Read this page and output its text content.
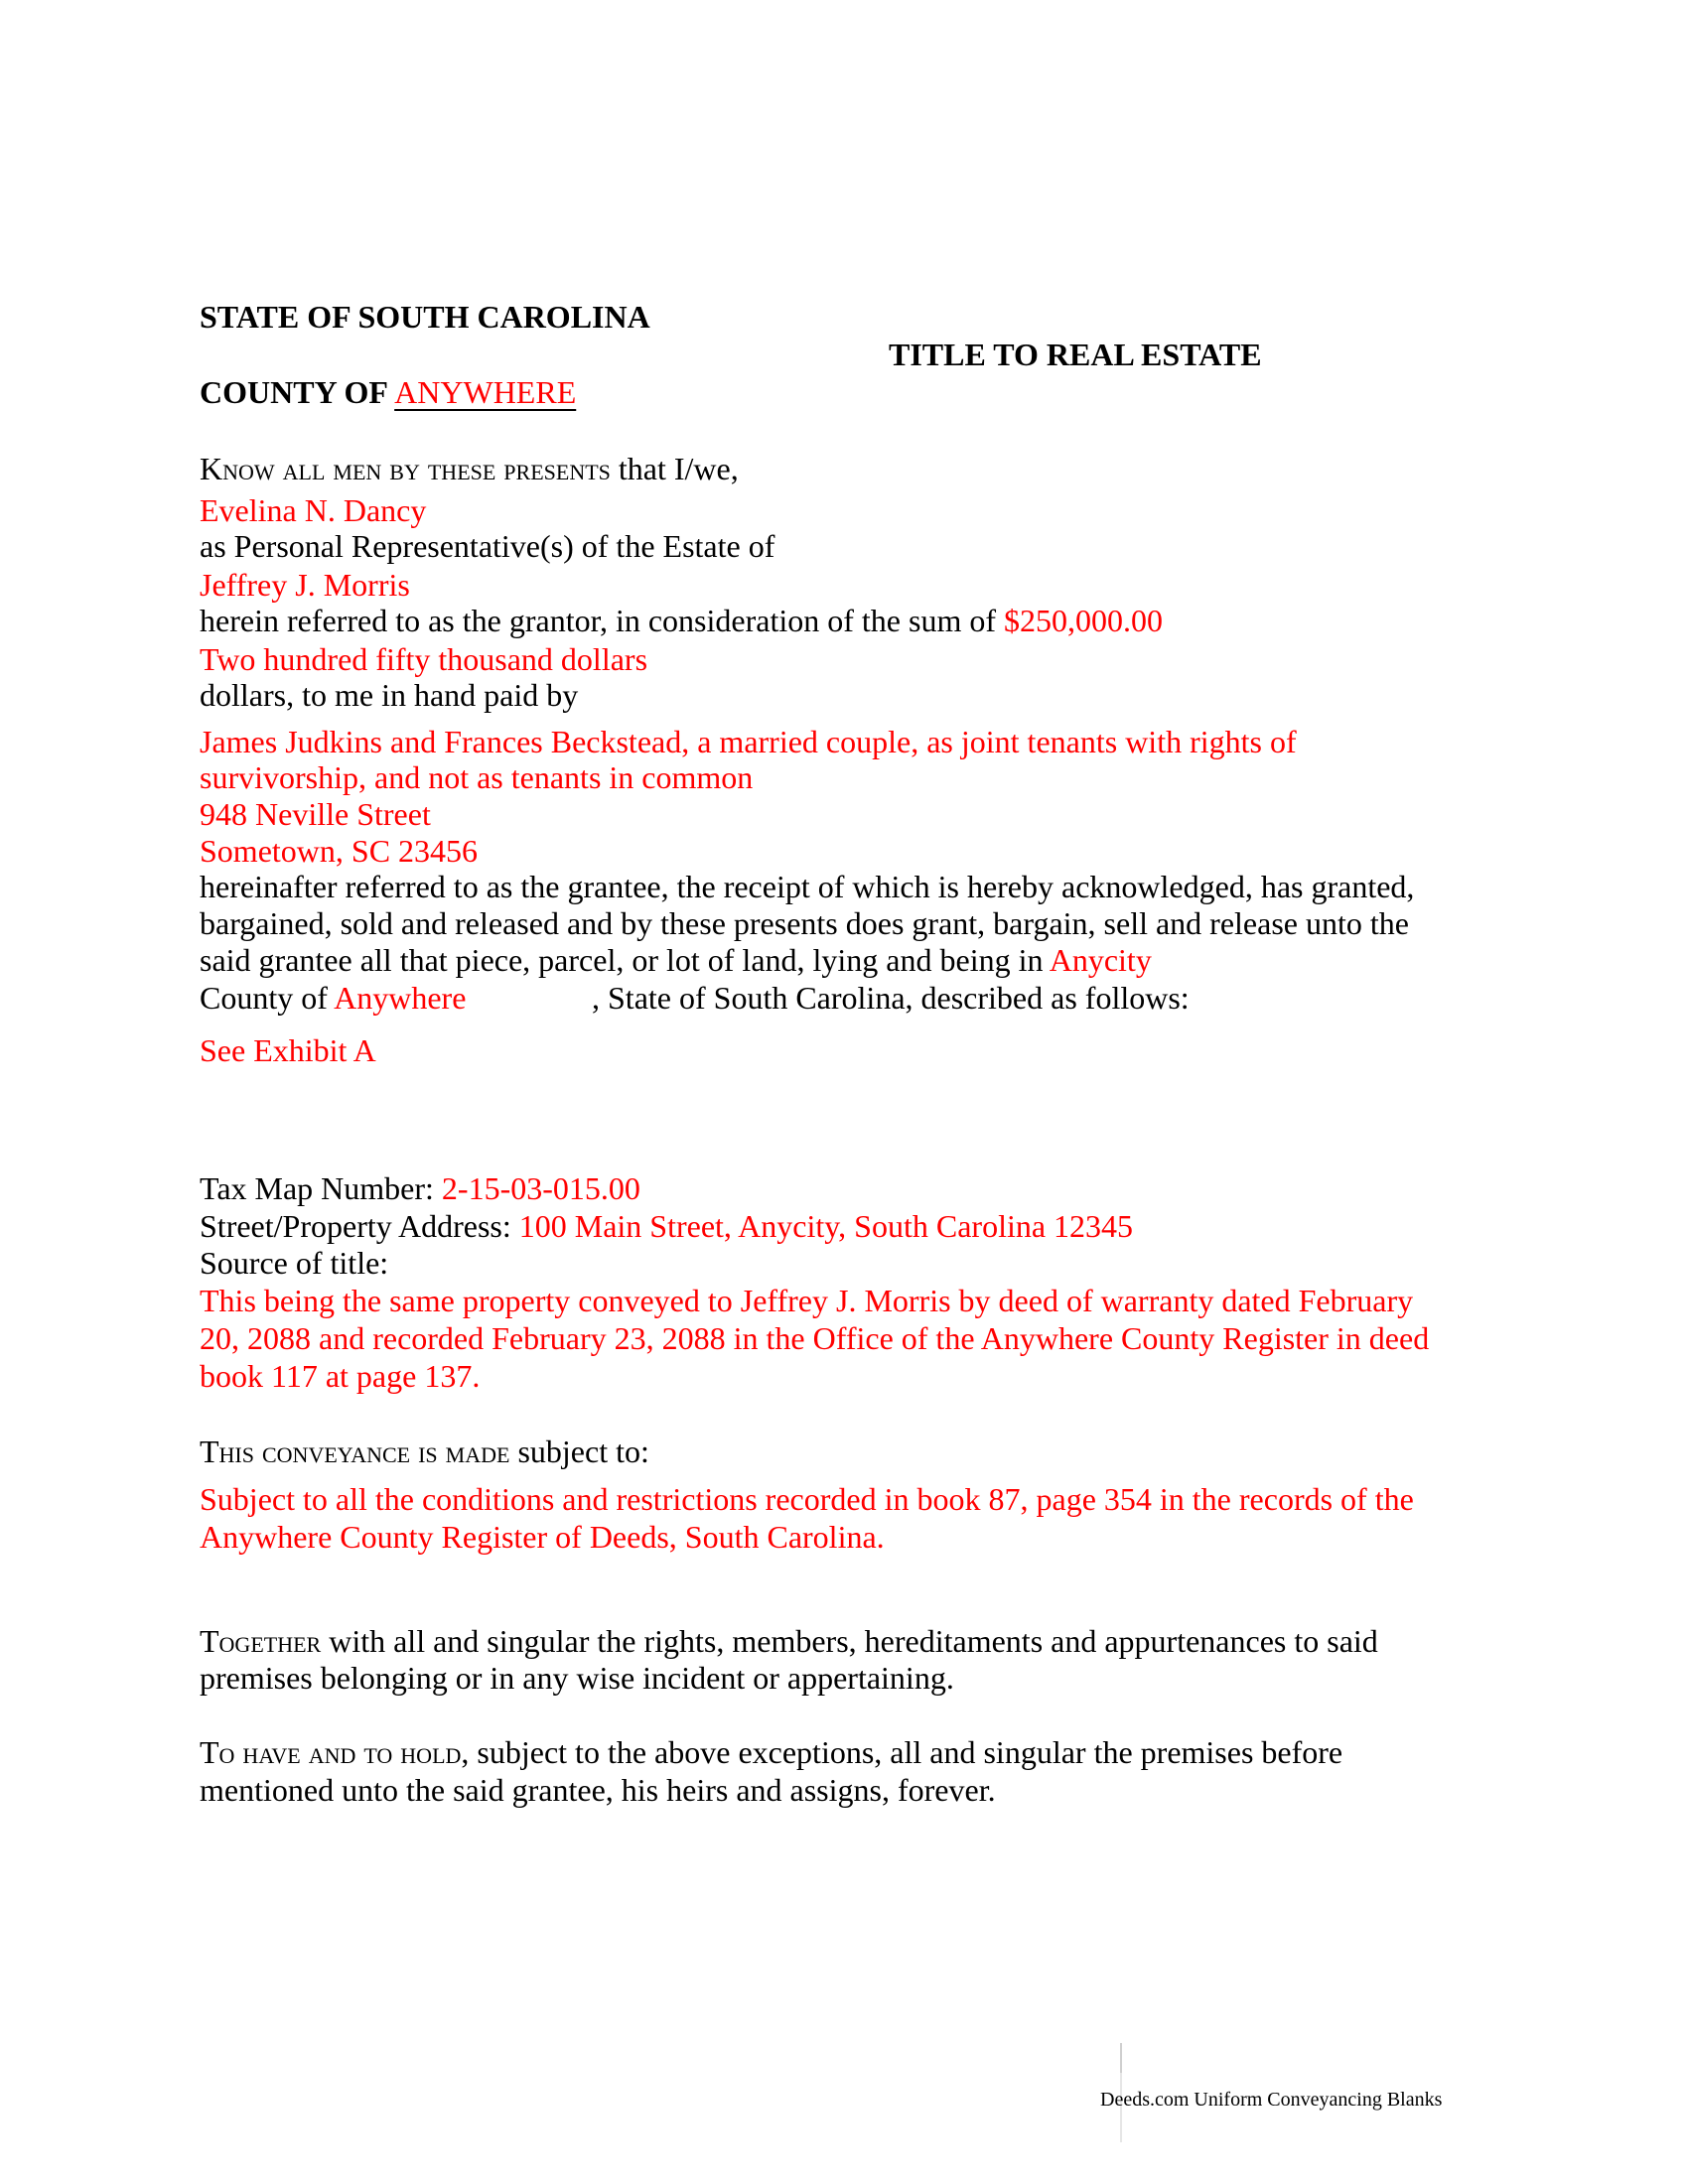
STATE OF SOUTH CAROLINA
TITLE TO REAL ESTATE
COUNTY OF ANYWHERE
Know all men by these presents that I/we,
Evelina N. Dancy
as Personal Representative(s) of the Estate of
Jeffrey J. Morris
herein referred to as the grantor, in consideration of the sum of $250,000.00
Two hundred fifty thousand dollars
dollars, to me in hand paid by
James Judkins and Frances Beckstead, a married couple, as joint tenants with rights of
survivorship, and not as tenants in common
948 Neville Street
Sometown, SC 23456
hereinafter referred to as the grantee, the receipt of which is hereby acknowledged, has granted,
bargained, sold and released and by these presents does grant, bargain, sell and release unto the
said grantee all that piece, parcel, or lot of land, lying and being in Anycity
County of Anywhere	, State of South Carolina, described as follows:
See Exhibit A
Tax Map Number: 2-15-03-015.00
Street/Property Address: 100 Main Street, Anycity, South Carolina 12345
Source of title:
This being the same property conveyed to Jeffrey J. Morris by deed of warranty dated February
20, 2088 and recorded February 23, 2088 in the Office of the Anywhere County Register in deed
book 117 at page 137.
This conveyance is made subject to:
Subject to all the conditions and restrictions recorded in book 87, page 354 in the records of the
Anywhere County Register of Deeds, South Carolina.
Together with all and singular the rights, members, hereditaments and appurtenances to said
premises belonging or in any wise incident or appertaining.
To have and to hold, subject to the above exceptions, all and singular the premises before
mentioned unto the said grantee, his heirs and assigns, forever.
Deeds.com Uniform Conveyancing Blanks
